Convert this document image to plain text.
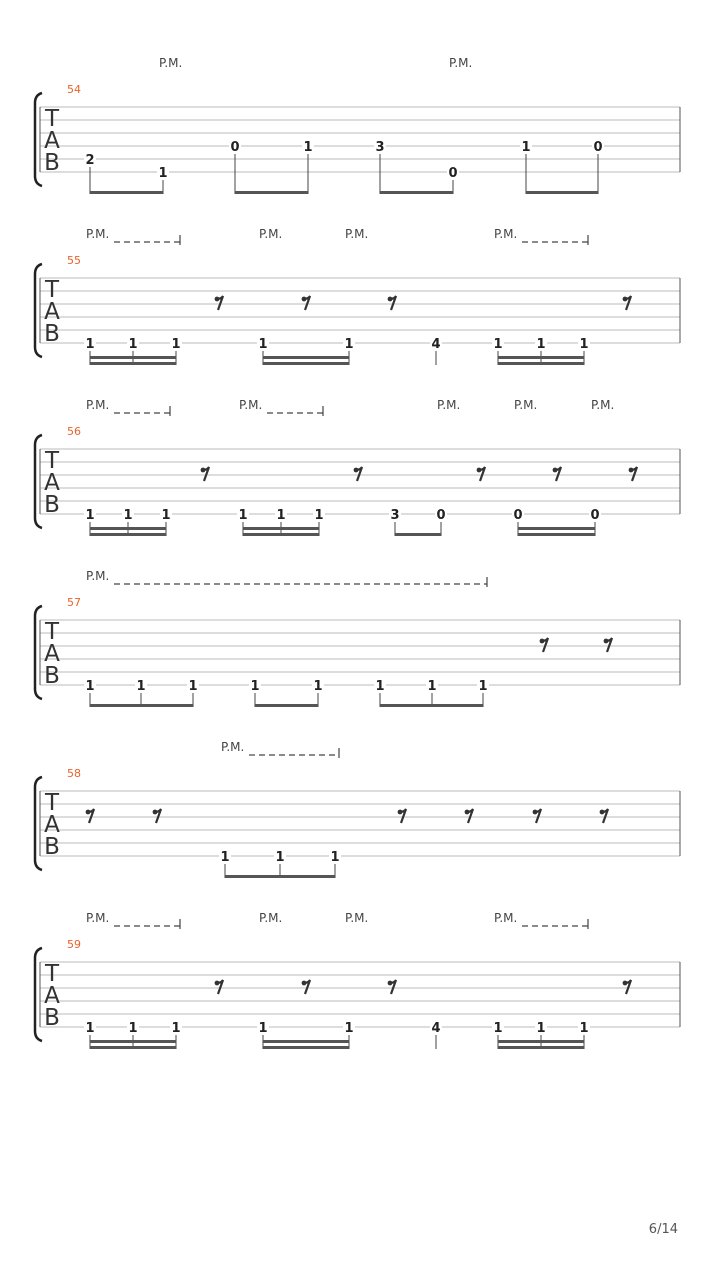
T
A
B
54
P.M.	P.M.
2
1
0	1	3
0
1	0
T
A
B
55
P.M.	P.M.	P.M.	P.M.
1	1	1	1	1	4	1	1	1
T
A
B
56
P.M.	P.M.	P.M.	P.M.	P.M.
1 1 1	1 1 1	3	0	0	0
T
A
B
57
P.M.
1	1	1	1	1	1	1	1
T
A
B
58
P.M.
1	1	1
T
A
B
59
P.M.	P.M.	P.M.	P.M.
1	1	1	1	1	4	1	1	1
6/14
